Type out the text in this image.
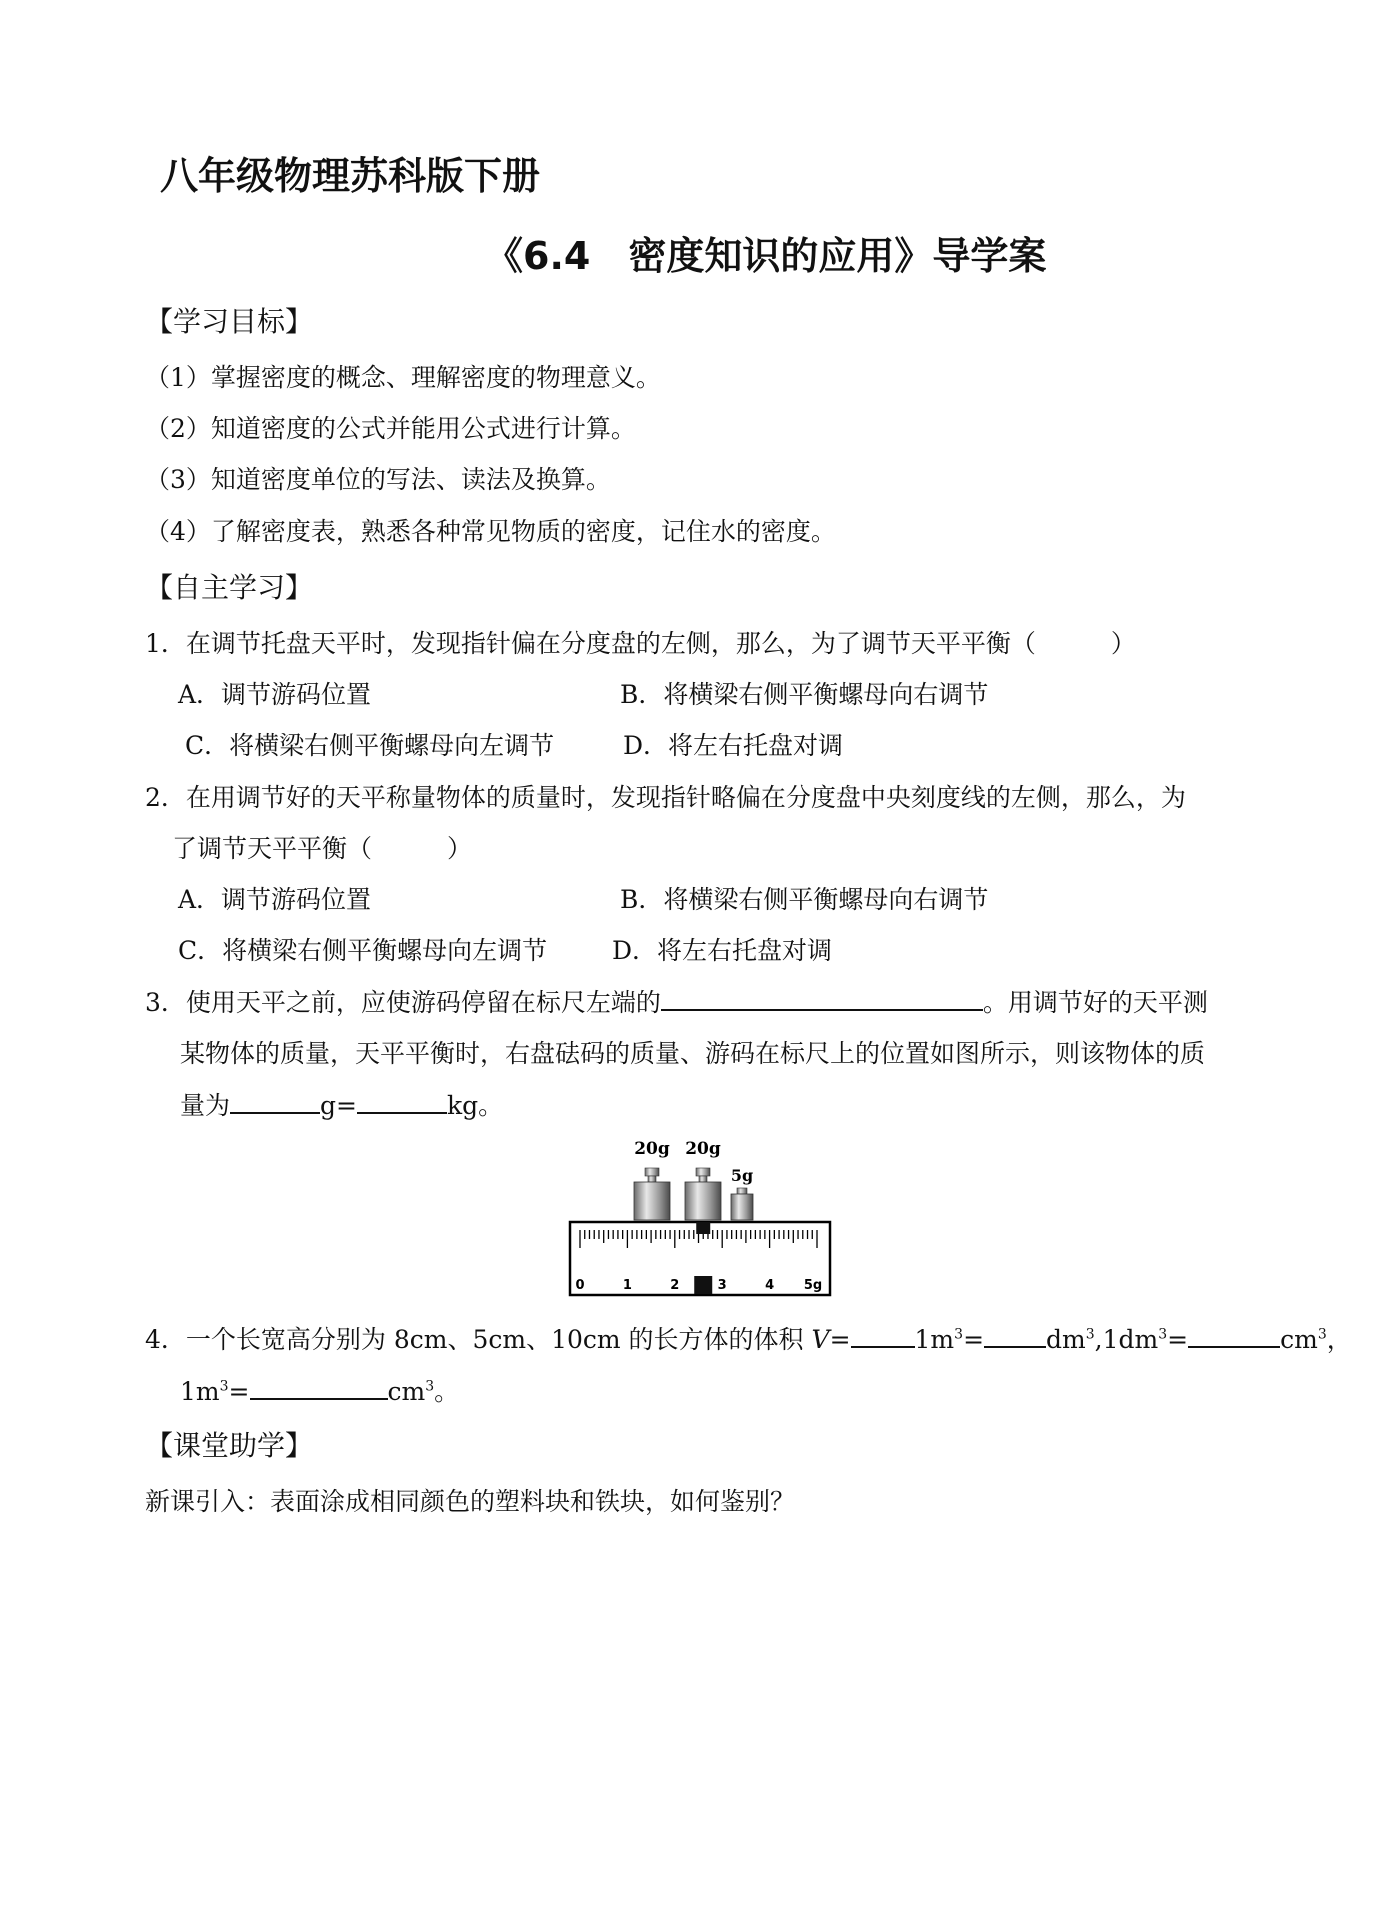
八年级物理苏科版下册
《6.4　密度知识的应用》导学案
【学习目标】
（1）掌握密度的概念、理解密度的物理意义。
（2）知道密度的公式并能用公式进行计算。
（3）知道密度单位的写法、读法及换算。
（4）了解密度表，熟悉各种常见物质的密度，记住水的密度。
【自主学习】
1．在调节托盘天平时，发现指针偏在分度盘的左侧，那么，为了调节天平平衡（　　　）
A．调节游码位置	B．将横梁右侧平衡螺母向右调节
C．将横梁右侧平衡螺母向左调节	D．将左右托盘对调
2．在用调节好的天平称量物体的质量时，发现指针略偏在分度盘中央刻度线的左侧，那么，为
了调节天平平衡（　　　）
A．调节游码位置	B．将横梁右侧平衡螺母向右调节
C．将横梁右侧平衡螺母向左调节	D．将左右托盘对调
3．使用天平之前，应使游码停留在标尺左端的	。用调节好的天平测
某物体的质量，天平平衡时，右盘砝码的质量、游码在标尺上的位置如图所示，则该物体的质
量为	g=	kg。
20g 20g
5g
0	1	2	3	4 5g
4．一个长宽高分别为 8cm、5cm、10cm 的长方体的体积 V=	$1m^3= dm^3,1dm^3=$	$cm^3$，
$1m^3=$	$cm^3$。
【课堂助学】
新课引入：表面涂成相同颜色的塑料块和铁块，如何鉴别？
